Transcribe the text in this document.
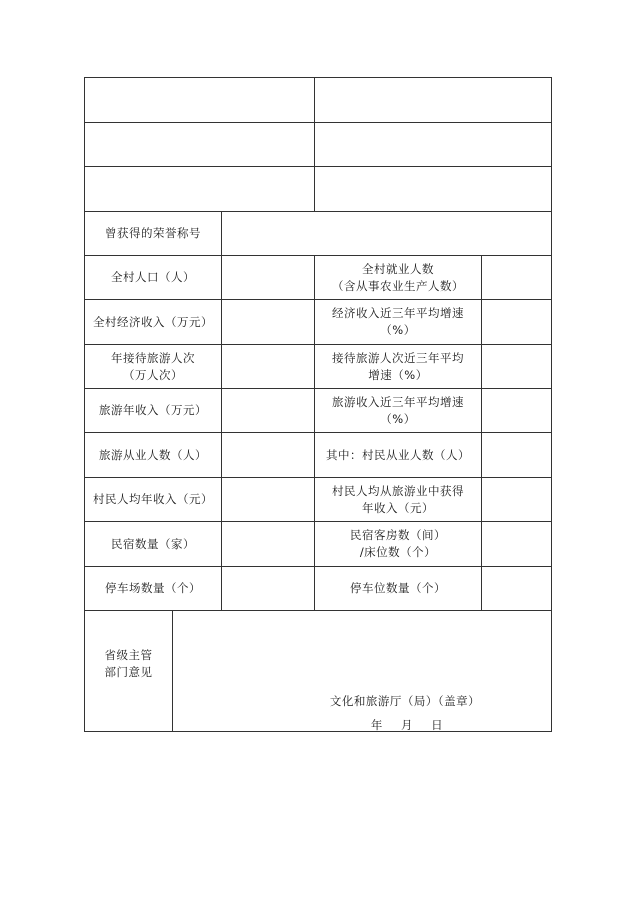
曾获得的荣誉称号
全村人口（人）
全村就业人数
（含从事农业生产人数）
全村经济收入（万元）
经济收入近三年平均增速
（%）
年接待旅游人次
（万人次）
接待旅游人次近三年平均
增速（%）
旅游年收入（万元）
旅游收入近三年平均增速
（%）
旅游从业人数（人）	其中：村民从业人数（人）
村民人均年收入（元）
村民人均从旅游业中获得
年收入（元）
民宿数量（家）
民宿客房数（间）
/床位数（个）
停车场数量（个）	停车位数量（个）
省级主管
部门意见
文化和旅游厅（局）（盖章）
年 月 日
